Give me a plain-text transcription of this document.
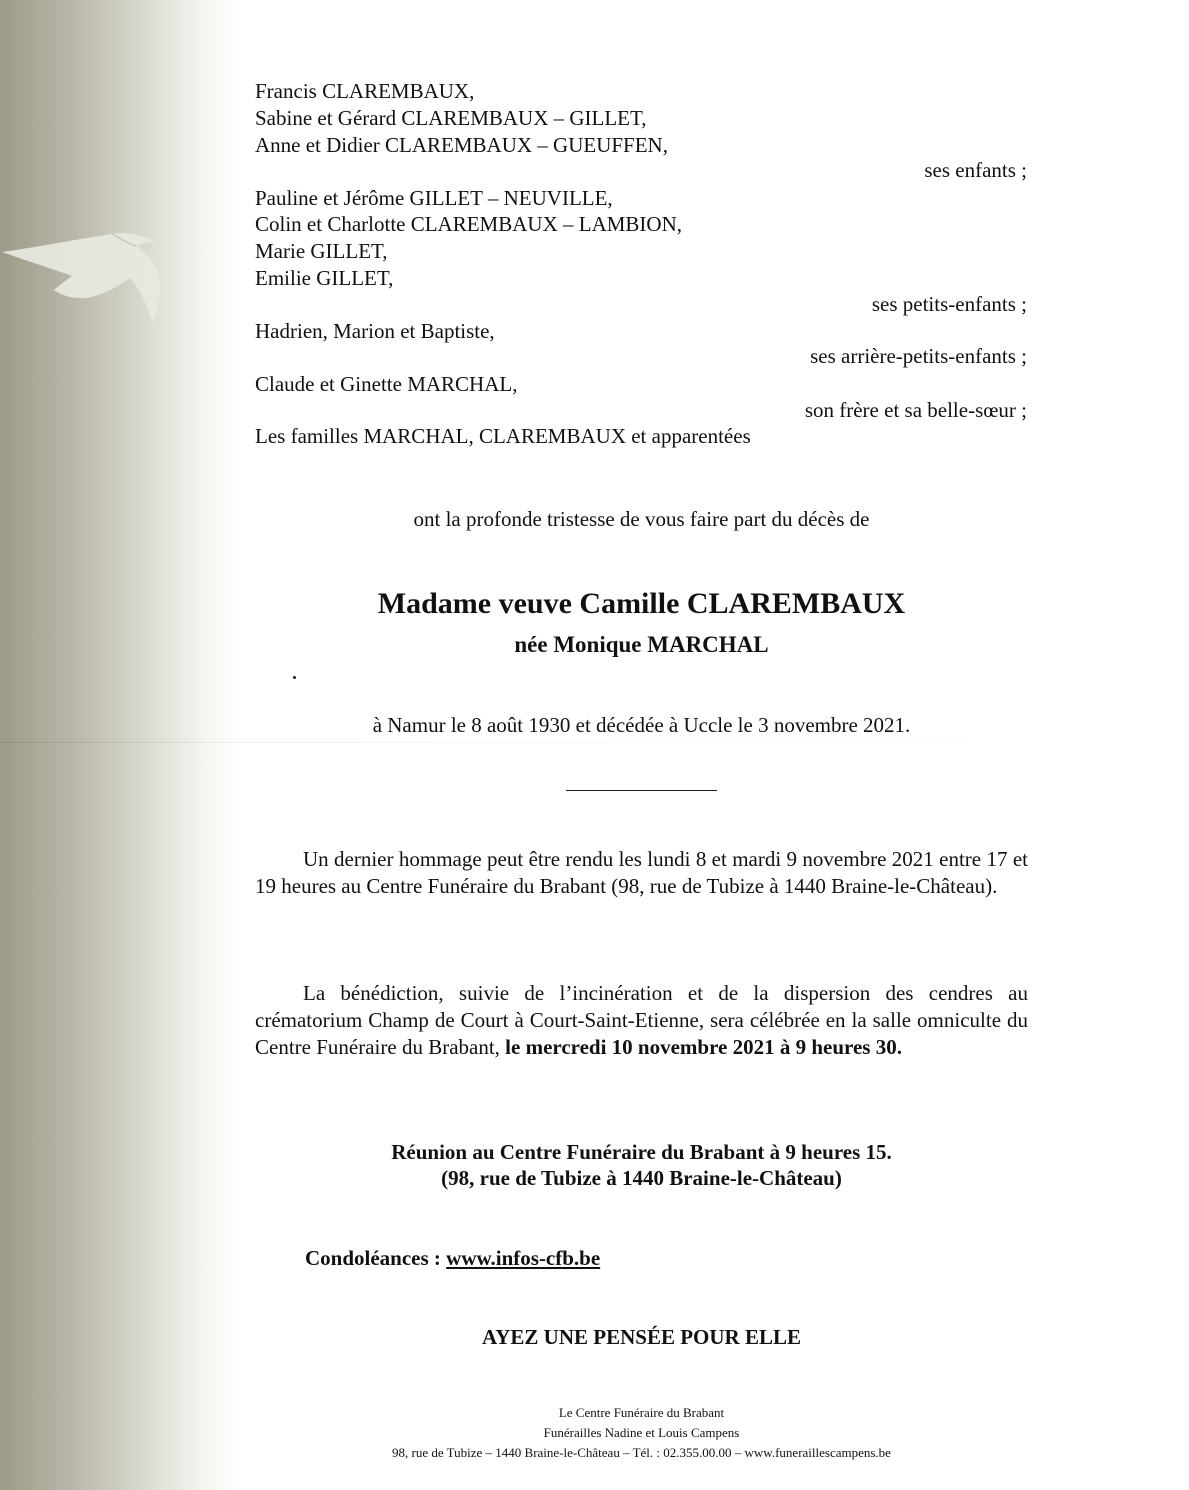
Francis CLAREMBAUX,
Sabine et Gérard CLAREMBAUX – GILLET,
Anne et Didier CLAREMBAUX – GUEUFFEN,
ses enfants ;
Pauline et Jérôme GILLET – NEUVILLE,
Colin et Charlotte CLAREMBAUX – LAMBION,
Marie GILLET,
Emilie GILLET,
ses petits-enfants ;
Hadrien, Marion et Baptiste,
ses arrière-petits-enfants ;
Claude et Ginette MARCHAL,
son frère et sa belle-sœur ;
Les familles MARCHAL, CLAREMBAUX et apparentées
ont la profonde tristesse de vous faire part du décès de
Madame veuve Camille CLAREMBAUX
née Monique MARCHAL
à Namur le 8 août 1930 et décédée à Uccle le 3 novembre 2021.
Un dernier hommage peut être rendu les lundi 8 et mardi 9 novembre 2021 entre 17 et 19 heures au Centre Funéraire du Brabant (98, rue de Tubize à 1440 Braine-le-Château).
La bénédiction, suivie de l’incinération et de la dispersion des cendres au crématorium Champ de Court à Court-Saint-Etienne, sera célébrée en la salle omnicultе du Centre Funéraire du Brabant, le mercredi 10 novembre 2021 à 9 heures 30.
Réunion au Centre Funéraire du Brabant à 9 heures 15.
(98, rue de Tubize à 1440 Braine-le-Château)
Condoléances : www.infos-cfb.be
AYEZ UNE PENSÉE POUR ELLE
Le Centre Funéraire du Brabant
Funérailles Nadine et Louis Campens
98, rue de Tubize – 1440 Braine-le-Château – Tél. : 02.355.00.00 – www.funeraillescampens.be
